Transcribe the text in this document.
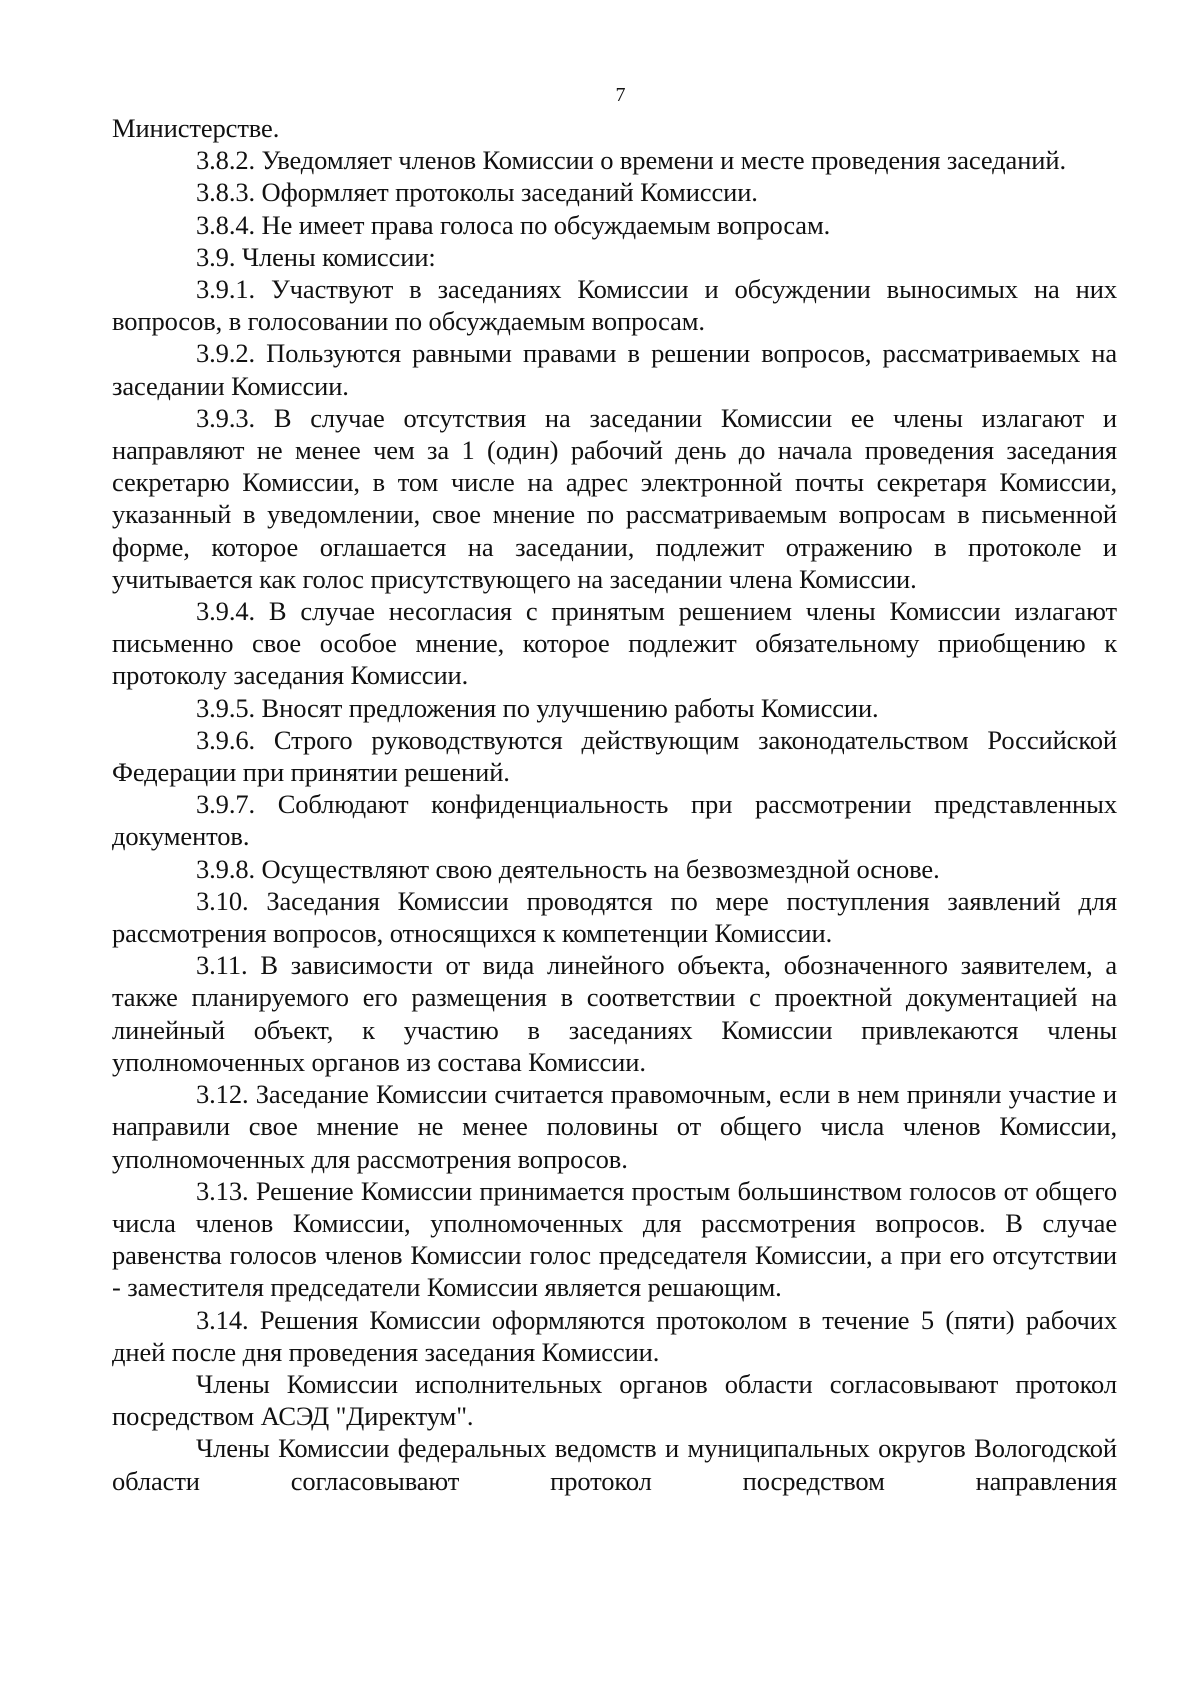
7

Министерстве.

3.8.2. Уведомляет членов Комиссии о времени и месте проведения заседаний.

3.8.3. Оформляет протоколы заседаний Комиссии.

3.8.4. Не имеет права голоса по обсуждаемым вопросам.

3.9. Члены комиссии:

3.9.1. Участвуют в заседаниях Комиссии и обсуждении выносимых на них вопросов, в голосовании по обсуждаемым вопросам.

3.9.2. Пользуются равными правами в решении вопросов, рассматриваемых на заседании Комиссии.

3.9.3. В случае отсутствия на заседании Комиссии ее члены излагают и направляют не менее чем за 1 (один) рабочий день до начала проведения заседания секретарю Комиссии, в том числе на адрес электронной почты секретаря Комиссии, указанный в уведомлении, свое мнение по рассматриваемым вопросам в письменной форме, которое оглашается на заседании, подлежит отражению в протоколе и учитывается как голос присутствующего на заседании члена Комиссии.

3.9.4. В случае несогласия с принятым решением члены Комиссии излагают письменно свое особое мнение, которое подлежит обязательному приобщению к протоколу заседания Комиссии.

3.9.5. Вносят предложения по улучшению работы Комиссии.

3.9.6. Строго руководствуются действующим законодательством Российской Федерации при принятии решений.

3.9.7. Соблюдают конфиденциальность при рассмотрении представленных документов.

3.9.8. Осуществляют свою деятельность на безвозмездной основе.

3.10. Заседания Комиссии проводятся по мере поступления заявлений для рассмотрения вопросов, относящихся к компетенции Комиссии.

3.11. В зависимости от вида линейного объекта, обозначенного заявителем, а также планируемого его размещения в соответствии с проектной документацией на линейный объект, к участию в заседаниях Комиссии привлекаются члены уполномоченных органов из состава Комиссии.

3.12. Заседание Комиссии считается правомочным, если в нем приняли участие и направили свое мнение не менее половины от общего числа членов Комиссии, уполномоченных для рассмотрения вопросов.

3.13. Решение Комиссии принимается простым большинством голосов от общего числа членов Комиссии, уполномоченных для рассмотрения вопросов. В случае равенства голосов членов Комиссии голос председателя Комиссии, а при его отсутствии - заместителя председатели Комиссии является решающим.

3.14. Решения Комиссии оформляются протоколом в течение 5 (пяти) рабочих дней после дня проведения заседания Комиссии.

Члены Комиссии исполнительных органов области согласовывают протокол посредством АСЭД "Директум".

Члены Комиссии федеральных ведомств и муниципальных округов Вологодской области согласовывают протокол посредством направления
